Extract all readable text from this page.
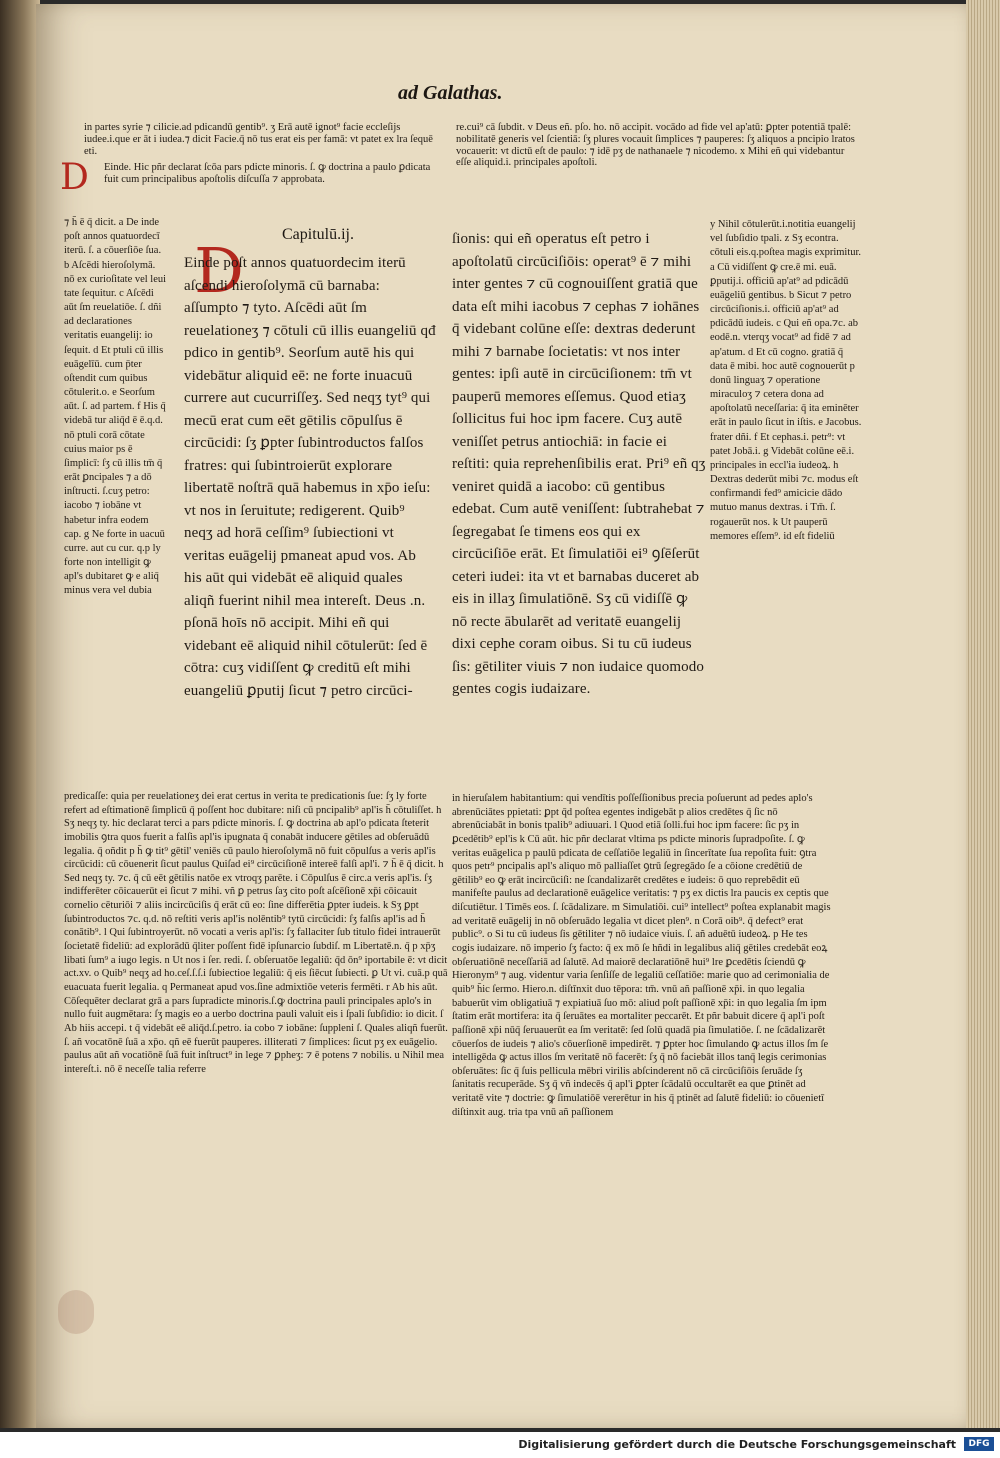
ad Galathas.
in partes syrie ⁊ cilicie.ad pdicandū gentib⁹. ʒ Erā autē ignot⁹ facie eccleſijs iudee.i.que er āt i iudea.⁊ dicit Facie.q̄ nō tus erat eis per famā: vt patet ex lra ſequē eti.
D	Einde. Hic pñr declarat ſcōa pars pdicte minoris. ſ. ꝙ doctrina a paulo ꝑdicata fuit cum principalibus apoſtolis diſcuſſa ⁊ approbata.
⁊ h̄ ē q̄ dicit. a De inde poſt annos quatuordecī iterū. ſ. a cōuerſiōe ſua. b Aſcēdi hieroſolymā. nō ex curioſitate vel leui tate ſequitur. c Aſcēdi aūt ſm reuelatiōe. ſ. dñi ad declarationes veritatis euangelij: io ſequit. d Et ptuli cū illis euāgelīū. cum p̄ter oſtendit cum quibus cōtulerit.o. e Seorſum aūt. ſ. ad partem. f His q̄ videbā tur aliq̄d ē ē.q.d. nō ptuli corā cōtate cuius maior ps ē ſimplicī: ſʒ cū illis tm̄ q̄ erāt ꝑncipales ⁊ a dō inſtructi. ſ.cuʒ petro: iacobo ⁊ iobāne vt habetur infra eodem cap. g Ne forte in uacuū curre. aut cu cur. q.p ly forte non intelligit ꝙ apl's dubitaret ꝙ e aliq̄ minus vera vel dubia
Capitulū.ij.
D
Einde poſt annos quatuordecim iterū aſcendi hieroſolymā cū barnaba: aſſumpto ⁊ tyto. Aſcēdi aūt ſm reuelationeʒ ⁊ cōtuli cū illis euangeliū qđ pdico in gentib⁹. Seorſum autē his qui videbātur aliquid eē: ne forte inuacuū currere aut cucurriſſeʒ. Sed neqʒ tyt⁹ qui mecū erat cum eēt gētilis cōpulſus ē circūcidi: ſʒ ꝑpter ſubintroductos falſos fratres: qui ſubintroierūt explorare libertatē noſtrā quā habemus in xp̄o ieſu: vt nos in ſeruitute; redigerent. Quib⁹ neqʒ ad horā ceſſim⁹ ſubiectioni vt veritas euāgelij pmaneat apud vos. Ab his aūt qui videbāt eē aliquid quales aliqñ fuerint nihil mea intereſt. Deus .n. pſonā hoīs nō accipit. Mihi eñ qui videbant eē aliquid nihil cōtulerūt: ſed ē cōtra: cuʒ vidiſſent ꝙ creditū eſt mihi euangeliū ꝑputij ſicut ⁊ petro circūci-
re.cui⁹ cā ſubdit. v Deus eñ. pſo. ho. nō accipit. vocādo ad fide vel ap'atū: ꝑpter potentiā tpalē: nobilitatē generis vel ſcientiā: ſʒ plures vocauit ſimplices ⁊ pauperes: ſʒ aliquos a pncipio lratos vocauerit: vt dictū eſt de paulo: ⁊ idē pʒ de nathanaele ⁊ nicodemo. x Mihi eñ qui videbantur eſſe aliquid.i. principales apoſtoli.
ſionis: qui eñ operatus eſt petro i apoſtolatū circūciſiōis: operat⁹ ē ⁊ mihi inter gentes ⁊ cū cognouiſſent gratiā que data eſt mihi iacobus ⁊ cephas ⁊ iohānes q̄ videbant colūne eſſe: dextras dederunt mihi ⁊ barnabe ſocietatis: vt nos inter gentes: ipſi autē in circūciſionem: tm̄ vt pauperū memores eſſemus. Quod etiaʒ ſollicitus fui hoc ipm facere. Cuʒ autē veniſſet petrus antiochiā: in facie ei reſtiti: quia reprehenſibilis erat. Pri⁹ eñ qʒ veniret quidā a iacobo: cū gentibus edebat. Cum autē veniſſent: ſubtrahebat ⁊ ſegregabat ſe timens eos qui ex circūciſiōe erāt. Et ſimulatiōi ei⁹ ꝯſēſerūt ceteri iudei: ita vt et barnabas duceret ab eis in illaʒ ſimulatiōnē. Sʒ cū vidiſſē ꝙ nō recte ābularēt ad veritatē euangelij dixi cephe coram oibus. Si tu cū iudeus ſis: gētiliter viuis ⁊ non iudaice quomodo gentes cogis iudaizare.
y Nihil cōtulerūt.i.notitia euangelij vel ſubſidio tpali. z Sʒ econtra. cōtuli eis.q.poſtea magis exprimitur. a Cū vidiſſent ꝙ cre.ē mi. euā. ꝑputij.i. officiū ap'at⁹ ad pdicādū euāgeliū gentibus. b Sicut ⁊ petro circūciſionis.i. officiū ap'at⁹ ad pdicādū iudeis. c Qui eñ opa.⁊c. ab eodē.n. vterqʒ vocat⁹ ad fidē ⁊ ad ap'atum. d Et cū cogno. gratiā q̄ data ē mibi. hoc autē cognouerūt p donū linguaʒ ⁊ operatione miraculoʒ ⁊ cetera dona ad apoſtolatū neceſſaria: q̄ ita eminēter erāt in paulo ſicut in iſtis. e Jacobus. frater dñi. f Et cephas.i. petr⁹: vt patet Jobā.i. g Videbāt colūne eē.i. principales in eccl'ia iudeoꝝ. h Dextras dederūt mibi ⁊c. modus eſt confirmandi fed⁹ amicicie dādo mutuo manus dextras. i Tm̄. ſ. rogauerūt nos. k Ut pauperū memores eſſem⁹. id eſt fideliū
predicaſſe: quia per reuelationeʒ dei erat certus in verita te predicationis ſue: ſʒ ly forte refert ad eſtimationē ſimplicū q̄ poſſent hoc dubitare: niſi cū pncipalib⁹ apl'is h̄ cōtuliſſet. h Sʒ neqʒ ty. hic declarat terci a pars pdicte minoris. ſ. ꝙ doctrina ab apl'o pdicata ſteterit imobilis ꝯtra quos fuerit a falſis apl'is ipugnata q̄ conabāt inducere gētiles ad obſeruādū legalia. q̄ oñdit p h̄ ꝙ tit⁹ gētil' veniēs cū paulo hieroſolymā nō fuit cōpulſus a veris apl'is circūcidi: cū cōuenerit ſicut paulus Quiſad ei⁹ circūciſionē intereē falſi apl'i. ⁊ h̄ ē q̄ dicit. h Sed neqʒ ty. ⁊c. q̄ cū eēt gētilis natōe ex vtroqʒ parēte. i Cōpulſus ē circ.a veris apl'is. ſʒ indifferēter cōicauerūt ei ſicut ⁊ mihi. vñ ꝑ petrus ſaʒ cito poſt aſcēſionē xp̄i cōicauit cornelio cēturiōi ⁊ aliis incircūciſis q̄ erāt cū eo: ſine differētia ꝑpter iudeis. k Sʒ ꝑpt ſubintroductos ⁊c. q.d. nō reſtiti veris apl'is nolēntib⁹ tytū circūcidi: ſʒ falſis apl'is ad h̄ conātib⁹. l Qui ſubintroyerūt. nō vocati a veris apl'is: ſʒ fallaciter ſub titulo fidei intrauerūt ſocietatē fideliū: ad explorādū q̄liter poſſent fidē ipſunarcio ſubdiſ. m Libertatē.n. q̄ p xp̄ʒ libati ſum⁹ a iugo legis. n Ut nos i ſer. redi. ſ. obſeruatōe legaliū: q̄d ōn⁹ iportabile ē: vt dicit act.xv. o Quib⁹ neqʒ ad ho.ceſ.ſ.ſ.i ſubiectioe legaliū: q̄ eis ſiēcut ſubiecti. ꝑ Ut vi. cuā.p quā euacuata fuerit legalia. q Permaneat apud vos.ſine admixtiōe veteris fermēti. r Ab his aūt. Cōſequēter declarat grā a pars ſupradicte minoris.ſ.ꝙ doctrina pauli principales aplo's in nullo fuit augmētara: ſʒ magis eo a uerbo doctrina pauli valuit eis i ſpali ſubſidio: io dicit. ſ Ab hiis accepi. t q̄ videbāt eē aliq̄d.ſ.petro. ia cobo ⁊ iobāne: ſuppleni ſ. Quales aliqñ fuerūt. ſ. añ vocatōnē ſuā a xp̄o. qñ eē fuerūt pauperes. illiterati ⁊ ſimplices: ſicut pʒ ex euāgelio. paulus aūt añ vocatiōnē ſuā fuit inſtruct⁹ in lege ⁊ ꝑpheʒ: ⁊ ē potens ⁊ nobilis. u Nihil mea intereſt.i. nō ē neceſſe talia referre
in hieruſalem habitantium: qui vendītis poſſeſſionibus precia poſuerunt ad pedes aplo's abrenūciātes ppietati: ꝑpt q̄d poſtea egentes indigebāt p alios credētes q̄ ſic nō abrenūciabāt in bonis tpalib⁹ adiuuari. l Quod etiā ſolli.fui hoc ipm facere: ſic pʒ in ꝑcedētib⁹ epl'is k Cū aūt. hic pñr declarat vltima ps pdicte minoris ſupradpoſite. ſ. ꝙ veritas euāgelica p paulū pdicata de ceſſatiōe legaliū in ſincerītate ſua repoſita fuit: ꝯtra quos petr⁹ pncipalis apl's aliquo mō palliaſſet ꝯtrū ſegregādo ſe a cōione credētiū de gētilib⁹ eo ꝙ erāt incircūciſi: ne ſcandalizarēt credētes e iudeis: ō quo reprebēdit eū manifeſte paulus ad declarationē euāgelice veritatis: ⁊ pʒ ex dictis lra paucis ex ceptis que diſcutiētur. l Timēs eos. ſ. ſcādalizare. m Simulatiōi. cui⁹ intellect⁹ poſtea explanabit magis ad veritatē euāgelij in nō obſeruādo legalia vt dicet plen⁹. n Corā oib⁹. q̄ defect⁹ erat public⁹. o Si tu cū iudeus ſis gētiliter ⁊ nō iudaice viuis. ſ. añ aduētū iudeoꝝ. p He tes cogis iudaizare. nō imperio ſʒ facto: q̄ ex mō ſe hñdi in legalibus aliq̄ gētiles credebāt eoꝝ obſeruatiōnē neceſſariā ad ſalutē. Ad maiorē declaratiōnē hui⁹ lre ꝑcedētis ſciendū ꝙ Hieronym⁹ ⁊ aug. videntur varia ſenſiſſe de legaliū ceſſatiōe: marie quo ad cerimonialia de quib⁹ h̄ic ſermo. Hiero.n. diſtīnxit duo tēpora: tm̄. vnū añ paſſionē xp̄i. in quo legalia babuerūt vim obligatiuā ⁊ expiatiuā ſuo mō: aliud poſt paſſionē xp̄i: in quo legalia ſm ipm ſtatim erāt mortifera: ita q̄ ſeruātes ea mortaliter peccarēt. Et pñr babuit dicere q̄ apl'i poſt paſſionē xp̄i nūq̄ ſeruauerūt ea ſm veritatē: ſed ſolū quadā pia ſimulatiōe. ſ. ne ſcādalizarēt cōuerſos de iudeis ⁊ alio's cōuerſionē impedirēt. ⁊ ꝑpter hoc ſimulando ꝙ actus illos ſm ſe intelligēda ꝙ actus illos ſm veritatē nō facerēt: ſʒ q̄ nō faciebāt illos tanq̄ legis cerimonias obſeruātes: ſic q̄ ſuis pellicula mēbri virilis abſcinderent nō cā circūciſiōis ſeruāde ſʒ ſanitatis recuperāde. Sʒ q̄ vñ indecēs q̄ apl'i ꝑpter ſcādalū occultarēt ea que ꝑtinēt ad veritatē vite ⁊ doctrie: ꝙ ſimulatiōē vererētur in his q̄ ptinēt ad ſalutē fideliū: io cōuenietī diſtinxit aug. tria tpa vnū añ paſſionem
Digitalisierung gefördert durch die Deutsche Forschungsgemeinschaft	DFG
